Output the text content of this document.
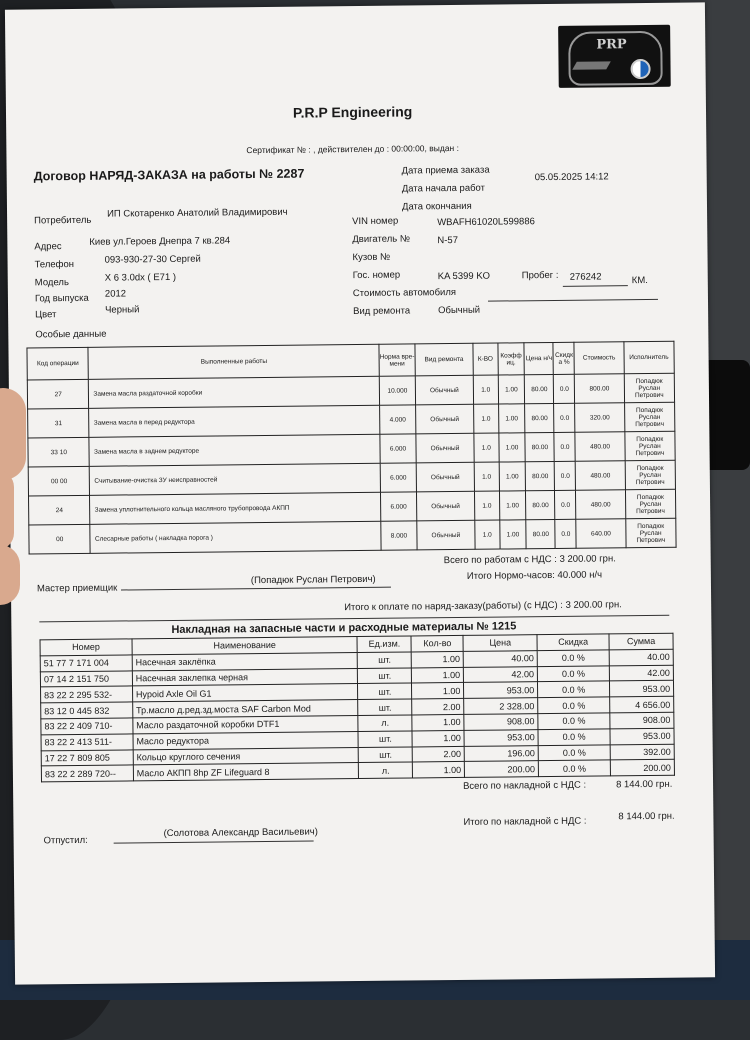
PRP
P.R.P Engineering
Сертификат № : , действителен до : 00:00:00, выдан :
Договор НАРЯД-ЗАКАЗА на работы № 2287	Дата приема заказа
05.05.2025 14:12
Дата начала работ
Дата окончания
Потребитель
ИП Скотаренко Анатолий Владимирович
Адрес	Киев ул.Героев Днепра 7 кв.284
Телефон	093-930-27-30 Сергей
Модель	X 6 3.0dx ( E71 )
Год выпуска 2012
Цвет	Черный
Особые данные
VIN номер	WBAFH61020L599886
Двигатель №	N-57
Кузов №
Гос. номер	KA 5399 KO	Пробег : 276242	КМ.
Стоимость автомобиля
Вид ремонта	Обычный
Код операции	Выполненные работы	Норма вре-мени	Вид ремонта	К-ВО	Коэфф иц.	Цена н/ч	Скидк а %	Стоимость	Исполнитель
27	Замена масла раздаточной коробки	10.000	Обычный	1.0	1.00	80.00	0.0	800.00	Попадюк Руслан Петрович
31	Замена масла в перед редуктора	4.000	Обычный	1.0	1.00	80.00	0.0	320.00	Попадюк Руслан Петрович
33 10	Замена масла в заднем редукторе	6.000	Обычный	1.0	1.00	80.00	0.0	480.00	Попадюк Руслан Петрович
00 00	Считывание-очистка ЗУ неисправностей	6.000	Обычный	1.0	1.00	80.00	0.0	480.00	Попадюк Руслан Петрович
24	Замена уплотнительного кольца масляного трубопровода АКПП	6.000	Обычный	1.0	1.00	80.00	0.0	480.00	Попадюк Руслан Петрович
00	Слесарные работы ( накладка порога )	8.000	Обычный	1.0	1.00	80.00	0.0	640.00	Попадюк Руслан Петрович
Всего по работам с НДС : 3 200.00 грн.
Итого Нормо-часов: 40.000 н/ч
Мастер приемщик
(Попадюк Руслан Петрович)
Итого к оплате по наряд-заказу(работы) (с НДС) : 3 200.00 грн.
Накладная на запасные части и расходные материалы № 1215
Номер	Наименование	Ед.изм.	Кол-во	Цена	Скидка	Сумма
51 77 7 171 004	Насечная заклёпка	шт.	1.00	40.00	0.0 %	40.00
07 14 2 151 750	Насечная заклепка черная	шт.	1.00	42.00	0.0 %	42.00
83 22 2 295 532-	Hypoid Axle Oil G1	шт.	1.00	953.00	0.0 %	953.00
83 12 0 445 832	Тр.масло д.ред.зд.моста SAF Carbon Mod	шт.	2.00	2 328.00	0.0 %	4 656.00
83 22 2 409 710-	Масло раздаточной коробки DTF1	л.	1.00	908.00	0.0 %	908.00
83 22 2 413 511-	Масло редуктора	шт.	1.00	953.00	0.0 %	953.00
17 22 7 809 805	Кольцо круглого сечения	шт.	2.00	196.00	0.0 %	392.00
83 22 2 289 720--	Масло АКПП 8hp ZF Lifeguard 8	л.	1.00	200.00	0.0 %	200.00
Всего по накладной с НДС :	8 144.00 грн.
Отпустил:
(Солотова Александр Васильевич)
Итого по накладной с НДС :	8 144.00 грн.
